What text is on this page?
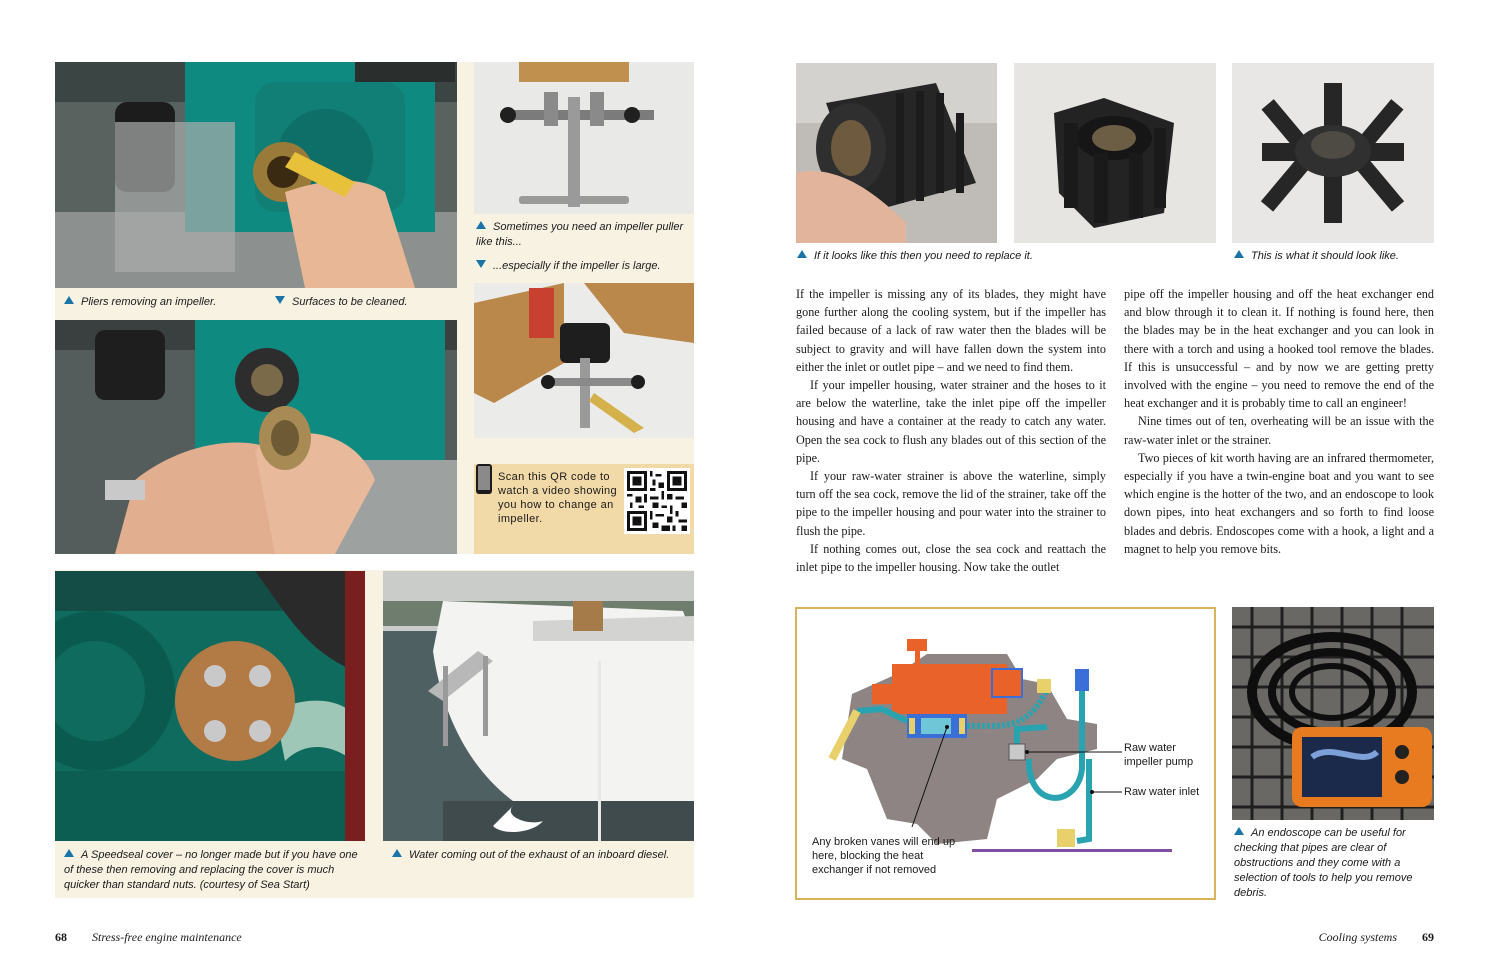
Pliers removing an impeller.	Surfaces to be cleaned.
Sometimes you need an impeller puller like this...
...especially if the impeller is large.
Scan this QR code to watch a video showing you how to change an impeller.
A Speedseal cover – no longer made but if you have one of these then removing and replacing the cover is much quicker than standard nuts. (courtesy of Sea Start)
Water coming out of the exhaust of an inboard diesel.
68 Stress-free engine maintenance
If it looks like this then you need to replace it.	This is what it should look like.

If the impeller is missing any of its blades, they might have gone further along the cooling system, but if the impeller has failed because of a lack of raw water then the blades will be subject to gravity and will have fallen down the system into either the inlet or outlet pipe – and we need to find them.

If your impeller housing, water strainer and the hoses to it are below the waterline, take the inlet pipe off the impeller housing and have a container at the ready to catch any water. Open the sea cock to flush any blades out of this section of the pipe.

If your raw-water strainer is above the waterline, simply turn off the sea cock, remove the lid of the strainer, take off the pipe to the impeller housing and pour water into the strainer to flush the pipe.

If nothing comes out, close the sea cock and reattach the inlet pipe to the impeller housing. Now take the outlet

pipe off the impeller housing and off the heat exchanger end and blow through it to clean it. If nothing is found here, then the blades may be in the heat exchanger and you can look in there with a torch and using a hooked tool remove the blades. If this is unsuccessful – and by now we are getting pretty involved with the engine – you need to remove the end of the heat exchanger and it is probably time to call an engineer!

Nine times out of ten, overheating will be an issue with the raw-water inlet or the strainer.

Two pieces of kit worth having are an infrared thermometer, especially if you have a twin-engine boat and you want to see which engine is the hotter of the two, and an endoscope to look down pipes, into heat exchangers and so forth to find loose blades and debris. Endoscopes come with a hook, a light and a magnet to help you remove bits.

Raw water impeller pump
Raw water inlet
Any broken vanes will end up here, blocking the heat exchanger if not removed
An endoscope can be useful for checking that pipes are clear of obstructions and they come with a selection of tools to help you remove debris.
Cooling systems 69
